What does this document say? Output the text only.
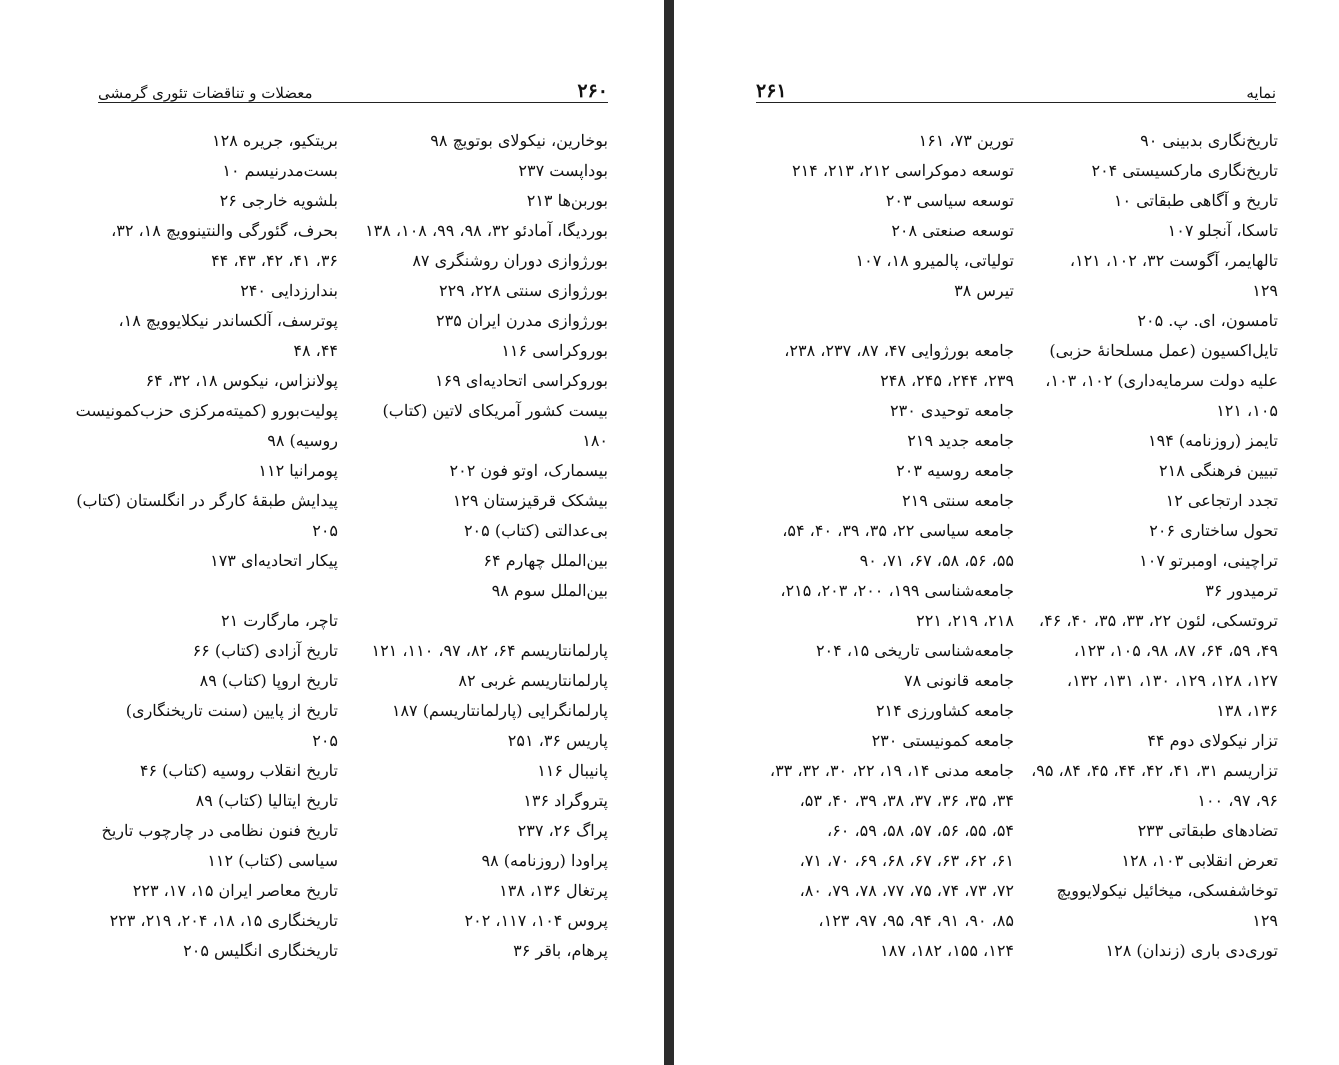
معضلات و تناقضات تئوری گرمشی	۲۶۰
بوخارین، نیکولای بوتویچ ۹۸
بوداپست ۲۳۷
بوربن‌ها ۲۱۳
بوردیگا، آمادئو ۳۲، ۹۸، ۹۹، ۱۰۸، ۱۳۸
بورژوازی دوران روشنگری ۸۷
بورژوازی سنتی ۲۲۸، ۲۲۹
بورژوازی مدرن ایران ۲۳۵
بوروکراسی ۱۱۶
بوروکراسی اتحادیه‌ای ۱۶۹
بیست کشور آمریکای لاتین (کتاب)
۱۸۰
بیسمارک، اوتو فون ۲۰۲
بیشکک قرقیزستان ۱۲۹
بی‌عدالتی (کتاب) ۲۰۵
بین‌الملل چهارم ۶۴
بین‌الملل سوم ۹۸
پارلمانتاریسم ۶۴، ۸۲، ۹۷، ۱۱۰، ۱۲۱
پارلمانتاریسم غربی ۸۲
پارلمانگرایی (پارلمانتاریسم) ۱۸۷
پاریس ۳۶، ۲۵۱
پانیبال ۱۱۶
پتروگراد ۱۳۶
پراگ ۲۶، ۲۳۷
پراودا (روزنامه) ۹۸
پرتغال ۱۳۶، ۱۳۸
پروس ۱۰۴، ۱۱۷، ۲۰۲
پرهام، باقر ۳۶
بریتکیو، جریره ۱۲۸
بست‌مدرنیسم ۱۰
بلشویه خارجی ۲۶
بحرف، گئورگی والنتینوویچ ۱۸، ۳۲،
۳۶، ۴۱، ۴۲، ۴۳، ۴۴
بندارزدایی ۲۴۰
پوترسف، آلکساندر نیکلایوویچ ۱۸،
۴۴، ۴۸
پولانزاس، نیکوس ۱۸، ۳۲، ۶۴
پولیت‌بورو (کمیته‌مرکزی حزب‌کمونیست
روسیه) ۹۸
پومرانیا ۱۱۲
پیدایش طبقهٔ کارگر در انگلستان (کتاب)
۲۰۵
پیکار اتحادیه‌ای ۱۷۳
تاچر، مارگارت ۲۱
تاریخ آزادی (کتاب) ۶۶
تاریخ اروپا (کتاب) ۸۹
تاریخ از پایین (سنت تاریخنگاری)
۲۰۵
تاریخ انقلاب روسیه (کتاب) ۴۶
تاریخ ایتالیا (کتاب) ۸۹
تاریخ فنون نظامی در چارچوب تاریخ
سیاسی (کتاب) ۱۱۲
تاریخ معاصر ایران ۱۵، ۱۷، ۲۲۳
تاریخنگاری ۱۵، ۱۸، ۲۰۴، ۲۱۹، ۲۲۳
تاریخنگاری انگلیس ۲۰۵
۲۶۱	نمایه
تاریخ‌نگاری بدبینی ۹۰
تاریخ‌نگاری مارکسیستی ۲۰۴
تاریخ و آگاهی طبقاتی ۱۰
تاسکا، آنجلو ۱۰۷
تالهایمر، آگوست ۳۲، ۱۰۲، ۱۲۱،
۱۲۹
تامسون، ای. پ. ۲۰۵
تایل‌اکسیون (عمل مسلحانهٔ حزبی)
علیه دولت سرمایه‌داری) ۱۰۲، ۱۰۳،
۱۰۵، ۱۲۱
تایمز (روزنامه) ۱۹۴
تبیین فرهنگی ۲۱۸
تجدد ارتجاعی ۱۲
تحول ساختاری ۲۰۶
تراچینی، اومبرتو ۱۰۷
ترمیدور ۳۶
تروتسکی، لئون ۲۲، ۳۳، ۳۵، ۴۰، ۴۶،
۴۹، ۵۹، ۶۴، ۸۷، ۹۸، ۱۰۵، ۱۲۳،
۱۲۷، ۱۲۸، ۱۲۹، ۱۳۰، ۱۳۱، ۱۳۲،
۱۳۶، ۱۳۸
تزار نیکولای دوم ۴۴
تزاریسم ۳۱، ۴۱، ۴۲، ۴۴، ۴۵، ۸۴، ۹۵،
۹۶، ۹۷، ۱۰۰
تضادهای طبقاتی ۲۳۳
تعرض انقلابی ۱۰۳، ۱۲۸
توخاشفسکی، میخائیل نیکولایوویچ
۱۲۹
توری‌دی باری (زندان) ۱۲۸
تورین ۷۳، ۱۶۱
توسعه دموکراسی ۲۱۲، ۲۱۳، ۲۱۴
توسعه سیاسی ۲۰۳
توسعه صنعتی ۲۰۸
تولیاتی، پالمیرو ۱۸، ۱۰۷
تیرس ۳۸
جامعه بورژوایی ۴۷، ۸۷، ۲۳۷، ۲۳۸،
۲۳۹، ۲۴۴، ۲۴۵، ۲۴۸
جامعه توحیدی ۲۳۰
جامعه جدید ۲۱۹
جامعه روسیه ۲۰۳
جامعه سنتی ۲۱۹
جامعه سیاسی ۲۲، ۳۵، ۳۹، ۴۰، ۵۴،
۵۵، ۵۶، ۵۸، ۶۷، ۷۱، ۹۰
جامعه‌شناسی ۱۹۹، ۲۰۰، ۲۰۳، ۲۱۵،
۲۱۸، ۲۱۹، ۲۲۱
جامعه‌شناسی تاریخی ۱۵، ۲۰۴
جامعه قانونی ۷۸
جامعه کشاورزی ۲۱۴
جامعه کمونیستی ۲۳۰
جامعه مدنی ۱۴، ۱۹، ۲۲، ۳۰، ۳۲، ۳۳،
۳۴، ۳۵، ۳۶، ۳۷، ۳۸، ۳۹، ۴۰، ۵۳،
۵۴، ۵۵، ۵۶، ۵۷، ۵۸، ۵۹، ۶۰،
۶۱، ۶۲، ۶۳، ۶۷، ۶۸، ۶۹، ۷۰، ۷۱،
۷۲، ۷۳، ۷۴، ۷۵، ۷۷، ۷۸، ۷۹، ۸۰،
۸۵، ۹۰، ۹۱، ۹۴، ۹۵، ۹۷، ۱۲۳،
۱۲۴، ۱۵۵، ۱۸۲، ۱۸۷
